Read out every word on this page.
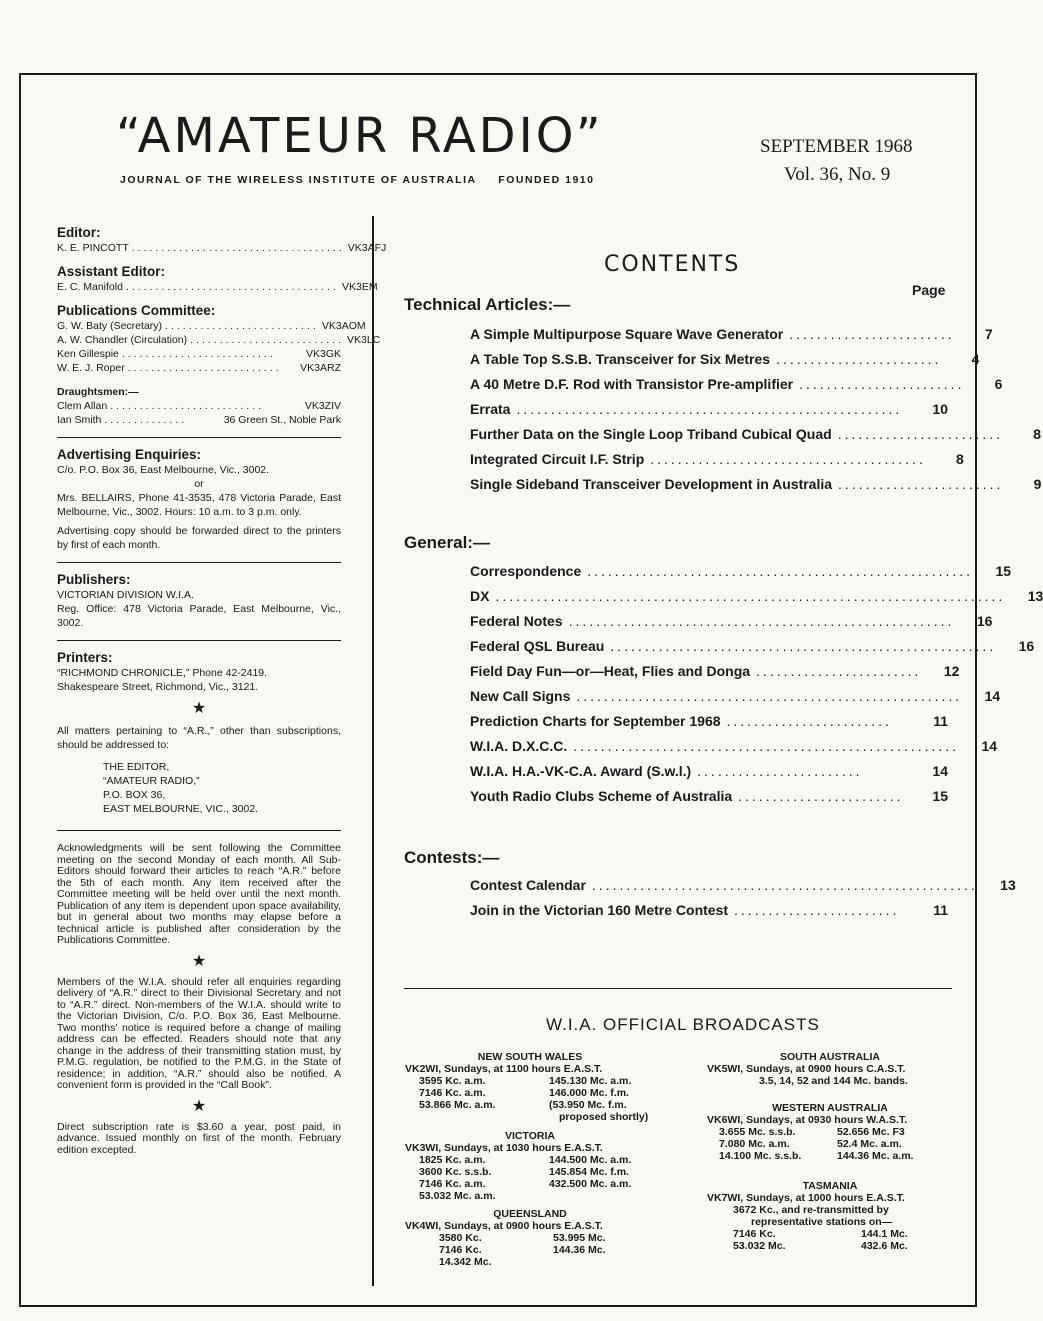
“AMATEUR RADIO”
JOURNAL OF THE WIRELESS INSTITUTE OF AUSTRALIA     FOUNDED 1910
SEPTEMBER 1968
Vol. 36, No. 9
Editor:
K. E. PINCOTT .................................... VK3AFJ
Assistant Editor:
E. C. Manifold .................................... VK3EM
Publications Committee:
G. W. Baty (Secretary) .......................... VK3AOM
A. W. Chandler (Circulation) .......................... VK3LC
Ken Gillespie ..........................	VK3GK
W. E. J. Roper ..........................	VK3ARZ
Draughtsmen:—
Clem Allan ..........................	VK3ZIV
Ian Smith ..............	36 Green St., Noble Park
Advertising Enquiries:

C/o. P.O. Box 36, East Melbourne, Vic., 3002.

or

Mrs. BELLAIRS, Phone 41-3535, 478 Victoria Parade, East Melbourne, Vic., 3002. Hours: 10 a.m. to 3 p.m. only.

Advertising copy should be forwarded direct to the printers by first of each month.

Publishers:

VICTORIAN DIVISION W.I.A.

Reg. Office: 478 Victoria Parade, East Melbourne, Vic., 3002.

Printers:

“RICHMOND CHRONICLE,” Phone 42-2419.

Shakespeare Street, Richmond, Vic., 3121.

★

All matters pertaining to “A.R.,” other than subscriptions, should be addressed to:

THE EDITOR,
“AMATEUR RADIO,”
P.O. BOX 36,
EAST MELBOURNE, VIC., 3002.

Acknowledgments will be sent following the Committee meeting on the second Monday of each month. All Sub-Editors should forward their articles to reach “A.R.” before the 5th of each month. Any item received after the Committee meeting will be held over until the next month. Publication of any item is dependent upon space availability, but in general about two months may elapse before a technical article is published after consideration by the Publications Committee.

★

Members of the W.I.A. should refer all enquiries regarding delivery of “A.R.” direct to their Divisional Secretary and not to “A.R.” direct. Non-members of the W.I.A. should write to the Victorian Division, C/o. P.O. Box 36, East Melbourne. Two months’ notice is required before a change of mailing address can be effected. Readers should note that any change in the address of their transmitting station must, by P.M.G. regulation, be notified to the P.M.G. in the State of residence; in addition, “A.R.” should also be notified. A convenient form is provided in the “Call Book”.

★

Direct subscription rate is $3.60 a year, post paid, in advance. Issued monthly on first of the month. February edition excepted.

CONTENTS
Page
Technical Articles:—
A Simple Multipurpose Square Wave Generator ........................	7
A Table Top S.S.B. Transceiver for Six Metres ........................	4
A 40 Metre D.F. Rod with Transistor Pre-amplifier ........................	6
Errata ........................................................	10
Further Data on the Single Loop Triband Cubical Quad ........................	8
Integrated Circuit I.F. Strip ........................................	8
Single Sideband Transceiver Development in Australia ........................	9
General:—
Correspondence ........................................................	15
DX ..........................................................................	13
Federal Notes ........................................................	16
Federal QSL Bureau ........................................................	16
Field Day Fun—or—Heat, Flies and Donga ........................	12
New Call Signs ........................................................	14
Prediction Charts for September 1968 ........................	11
W.I.A. D.X.C.C. ........................................................	14
W.I.A. H.A.-VK-C.A. Award (S.w.l.) ........................	14
Youth Radio Clubs Scheme of Australia ........................	15
Contests:—
Contest Calendar ........................................................	13
Join in the Victorian 160 Metre Contest ........................	11
W.I.A. OFFICIAL BROADCASTS
NEW SOUTH WALES
VK2WI, Sundays, at 1100 hours E.A.S.T.
3595 Kc. a.m.	145.130 Mc. a.m.
7146 Kc. a.m.	146.000 Mc. f.m.
53.866 Mc. a.m.	(53.950 Mc. f.m.
proposed shortly)
VICTORIA
VK3WI, Sundays, at 1030 hours E.A.S.T.
1825 Kc. a.m.	144.500 Mc. a.m.
3600 Kc. s.s.b.	145.854 Mc. f.m.
7146 Kc. a.m.	432.500 Mc. a.m.
53.032 Mc. a.m.
QUEENSLAND
VK4WI, Sundays, at 0900 hours E.A.S.T.
3580 Kc.	53.995 Mc.
7146 Kc.	144.36 Mc.
14.342 Mc.
SOUTH AUSTRALIA
VK5WI, Sundays, at 0900 hours C.A.S.T.
3.5, 14, 52 and 144 Mc. bands.
WESTERN AUSTRALIA
VK6WI, Sundays, at 0930 hours W.A.S.T.
3.655 Mc. s.s.b.	52.656 Mc. F3
7.080 Mc. a.m.	52.4 Mc. a.m.
14.100 Mc. s.s.b.	144.36 Mc. a.m.
TASMANIA
VK7WI, Sundays, at 1000 hours E.A.S.T.
3672 Kc., and re-transmitted by
representative stations on—
7146 Kc.	144.1 Mc.
53.032 Mc.	432.6 Mc.
